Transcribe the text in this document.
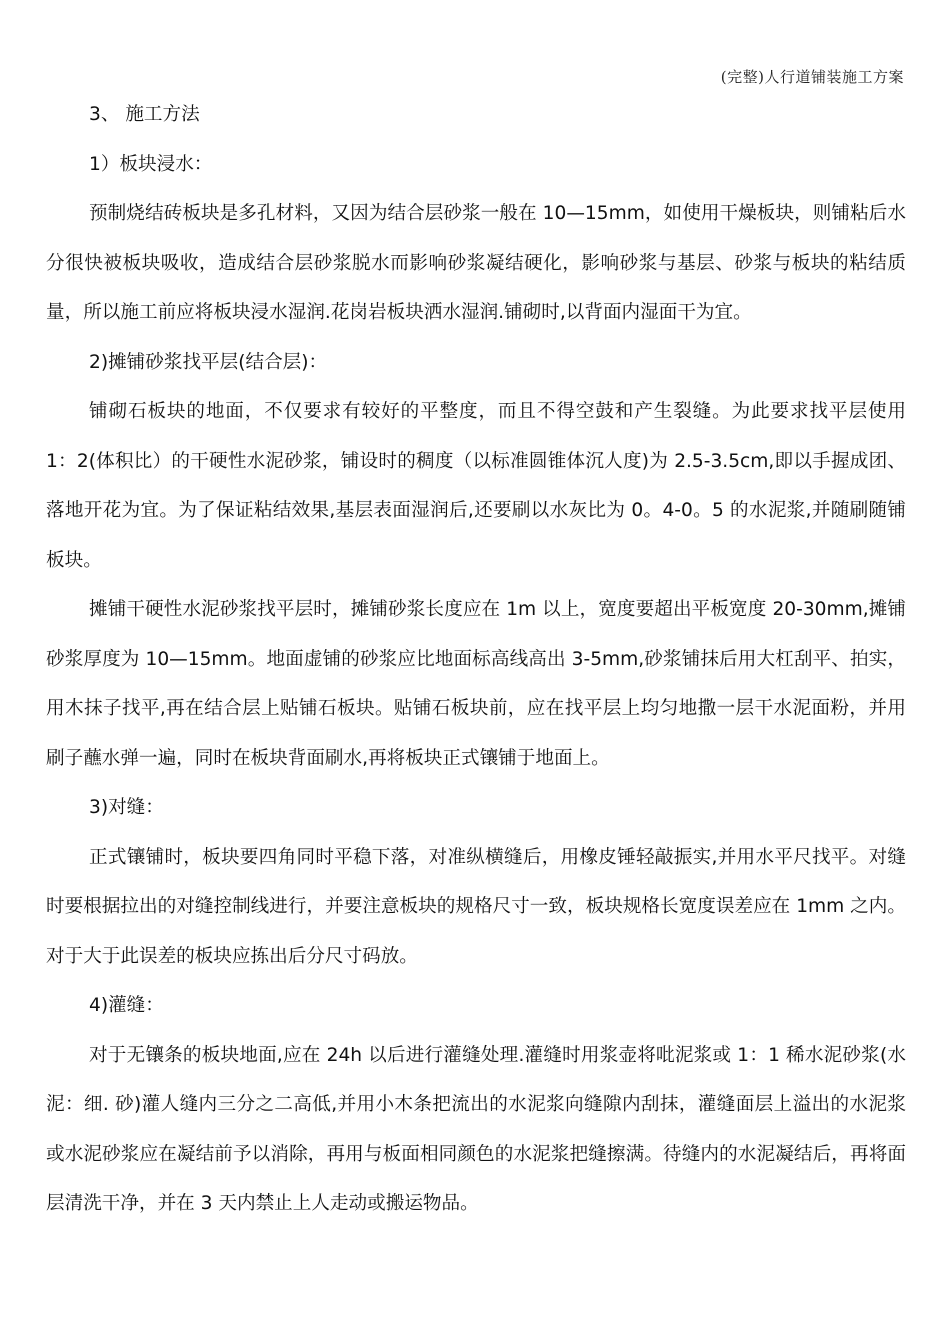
(完整)人行道铺装施工方案

3、 施工方法

1）板块浸水：

预制烧结砖板块是多孔材料，又因为结合层砂浆一般在 10—15mm，如使用干燥板块，则铺粘后水分很快被板块吸收，造成结合层砂浆脱水而影响砂浆凝结硬化，影响砂浆与基层、砂浆与板块的粘结质量，所以施工前应将板块浸水湿润.花岗岩板块洒水湿润.铺砌时,以背面内湿面干为宜。

2)摊铺砂浆找平层(结合层)：

铺砌石板块的地面，不仅要求有较好的平整度，而且不得空鼓和产生裂缝。为此要求找平层使用 1：2(体积比）的干硬性水泥砂浆，铺设时的稠度（以标准圆锥体沉人度)为 2.5-3.5cm,即以手握成团、落地开花为宜。为了保证粘结效果,基层表面湿润后,还要刷以水灰比为 0。4-0。5 的水泥浆,并随刷随铺板块。

摊铺干硬性水泥砂浆找平层时，摊铺砂浆长度应在 1m 以上，宽度要超出平板宽度 20-30mm,摊铺砂浆厚度为 10—15mm。地面虚铺的砂浆应比地面标高线高出 3-5mm,砂浆铺抹后用大杠刮平、拍实，用木抹子找平,再在结合层上贴铺石板块。贴铺石板块前，应在找平层上均匀地撒一层干水泥面粉，并用刷子蘸水弹一遍，同时在板块背面刷水,再将板块正式镶铺于地面上。

3)对缝：

正式镶铺时，板块要四角同时平稳下落，对准纵横缝后，用橡皮锤轻敲振实,并用水平尺找平。对缝时要根据拉出的对缝控制线进行，并要注意板块的规格尺寸一致，板块规格长宽度误差应在 1mm 之内。对于大于此误差的板块应拣出后分尺寸码放。

4)灌缝：

对于无镶条的板块地面,应在 24h 以后进行灌缝处理.灌缝时用浆壶将吡泥浆或 1：1 稀水泥砂浆(水泥：细. 砂)灌人缝内三分之二高低,并用小木条把流出的水泥浆向缝隙内刮抹，灌缝面层上溢出的水泥浆或水泥砂浆应在凝结前予以消除，再用与板面相同颜色的水泥浆把缝擦满。待缝内的水泥凝结后，再将面层清洗干净，并在 3 天内禁止上人走动或搬运物品。
